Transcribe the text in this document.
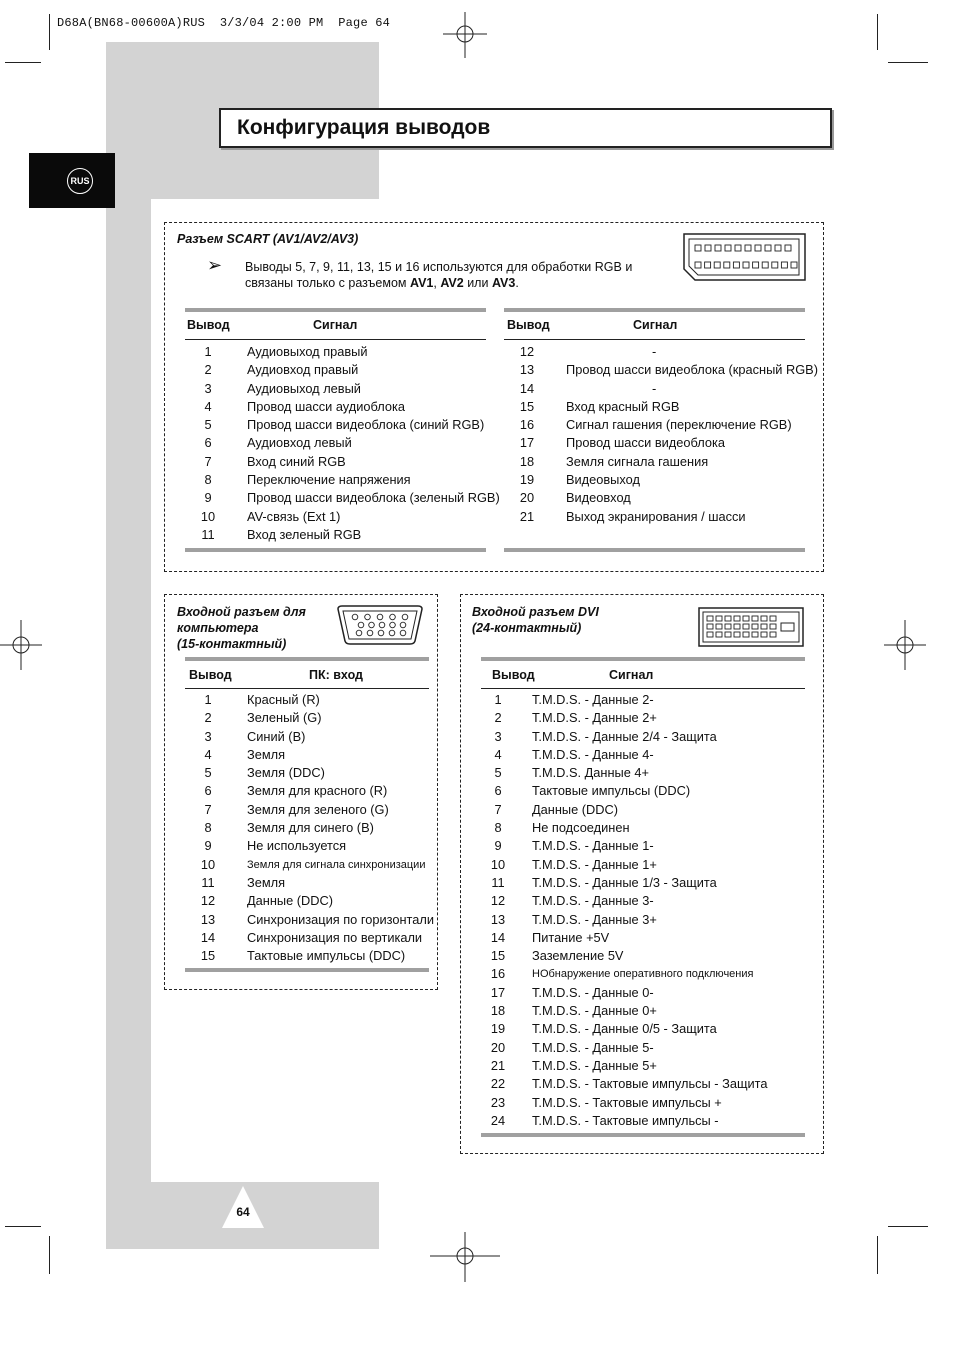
D68A(BN68-00600A)RUS  3/3/04 2:00 PM  Page 64
RUS
Конфигурация выводов
Разъем SCART (AV1/AV2/AV3)
➢ Выводы 5, 7, 9, 11, 13, 15 и 16 используются для обработки RGB и
связаны только с разъемом AV1, AV2 или AV3.
Вывод	Сигнал
1	Аудиовыход правый
2	Аудиовход правый
3	Аудиовыход левый
4	Провод шасси аудиоблока
5	Провод шасси видеоблока (синий RGB)
6	Аудиовход левый
7	Вход синий RGB
8	Переключение напряжения
9	Провод шасси видеоблока (зеленый RGB)
10	AV-связь (Ext 1)
11	Вход зеленый RGB
Вывод	Сигнал
12	-
13	Провод шасси видеоблока (красный RGB)
14	-
15	Вход красный RGB
16	Сигнал гашения (переключение RGB)
17	Провод шасси видеоблока
18	Земля сигнала гашения
19	Видеовыход
20	Видеовход
21	Выход экранирования / шасси
Входной разъем для
компьютера
(15-контактный)
Вывод	ПК: вход
1	Красный (R)
2	Зеленый (G)
3	Синий (B)
4	Земля
5	Земля (DDC)
6	Земля для красного (R)
7	Земля для зеленого (G)
8	Земля для синего (B)
9	Не используется
10	Земля для сигнала синхронизации
11	Земля
12	Данные (DDC)
13	Синхронизация по горизонтали
14	Синхронизация по вертикали
15	Тактовые импульсы (DDC)
Входной разъем DVI
(24-контактный)
Вывод	Сигнал
1	T.M.D.S. - Данные 2-
2	T.M.D.S. - Данные 2+
3	T.M.D.S. - Данные 2/4 - Защита
4	T.M.D.S. - Данные 4-
5	T.M.D.S. Данные 4+
6	Тактовые импульсы (DDC)
7	Данные (DDC)
8	Не подсоединен
9	T.M.D.S. - Данные 1-
10	T.M.D.S. - Данные 1+
11	T.M.D.S. - Данные 1/3 - Защита
12	T.M.D.S. - Данные 3-
13	T.M.D.S. - Данные 3+
14	Питание +5V
15	Заземление 5V
16	НОбнаружение оперативного подключения
17	T.M.D.S. - Данные 0-
18	T.M.D.S. - Данные 0+
19	T.M.D.S. - Данные 0/5 - Защита
20	T.M.D.S. - Данные 5-
21	T.M.D.S. - Данные 5+
22	T.M.D.S. - Тактовые импульсы - Защита
23	T.M.D.S. - Тактовые импульсы +
24	T.M.D.S. - Тактовые импульсы -
64
